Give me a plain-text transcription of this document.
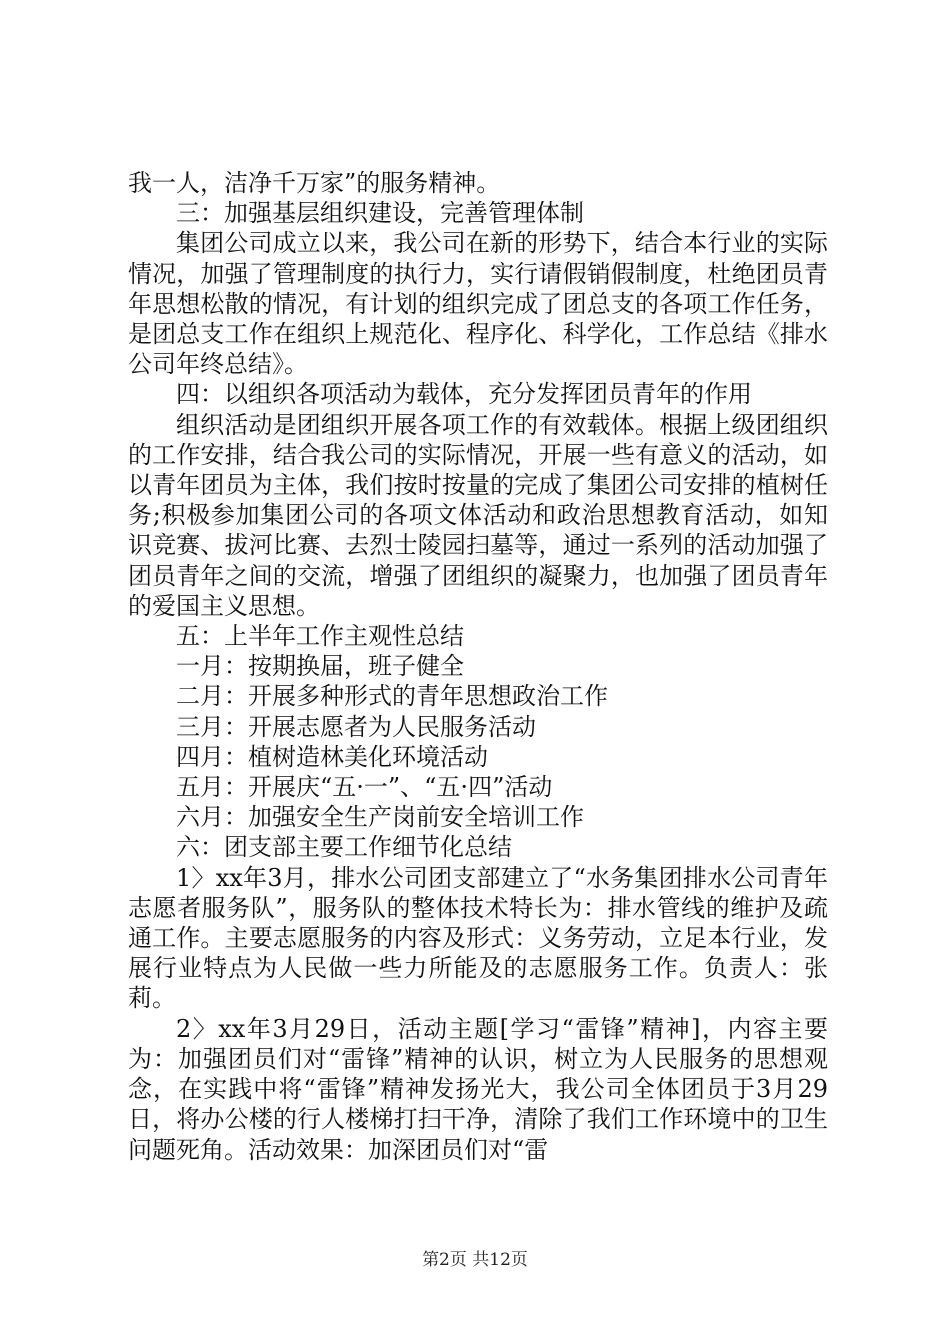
我一人，洁净千万家”的服务精神。

三：加强基层组织建设，完善管理体制

集团公司成立以来，我公司在新的形势下，结合本行业的实际情况，加强了管理制度的执行力，实行请假销假制度，杜绝团员青年思想松散的情况，有计划的组织完成了团总支的各项工作任务，是团总支工作在组织上规范化、程序化、科学化，工作总结《排水公司年终总结》。

四：以组织各项活动为载体，充分发挥团员青年的作用

组织活动是团组织开展各项工作的有效载体。根据上级团组织的工作安排，结合我公司的实际情况，开展一些有意义的活动，如以青年团员为主体，我们按时按量的完成了集团公司安排的植树任务;积极参加集团公司的各项文体活动和政治思想教育活动，如知识竞赛、拔河比赛、去烈士陵园扫墓等，通过一系列的活动加强了团员青年之间的交流，增强了团组织的凝聚力，也加强了团员青年的爱国主义思想。

五：上半年工作主观性总结

一月：按期换届，班子健全

二月：开展多种形式的青年思想政治工作

三月：开展志愿者为人民服务活动

四月：植树造林美化环境活动

五月：开展庆“五·一”、“五·四”活动

六月：加强安全生产岗前安全培训工作

六：团支部主要工作细节化总结

1〉xx年3月，排水公司团支部建立了“水务集团排水公司青年志愿者服务队”，服务队的整体技术特长为：排水管线的维护及疏通工作。主要志愿服务的内容及形式：义务劳动，立足本行业，发展行业特点为人民做一些力所能及的志愿服务工作。负责人：张莉。

2〉xx年3月29日，活动主题[学习“雷锋”精神]，内容主要为：加强团员们对“雷锋”精神的认识，树立为人民服务的思想观念，在实践中将“雷锋”精神发扬光大，我公司全体团员于3月29日，将办公楼的行人楼梯打扫干净，清除了我们工作环境中的卫生问题死角。活动效果：加深团员们对“雷

第2页 共12页
